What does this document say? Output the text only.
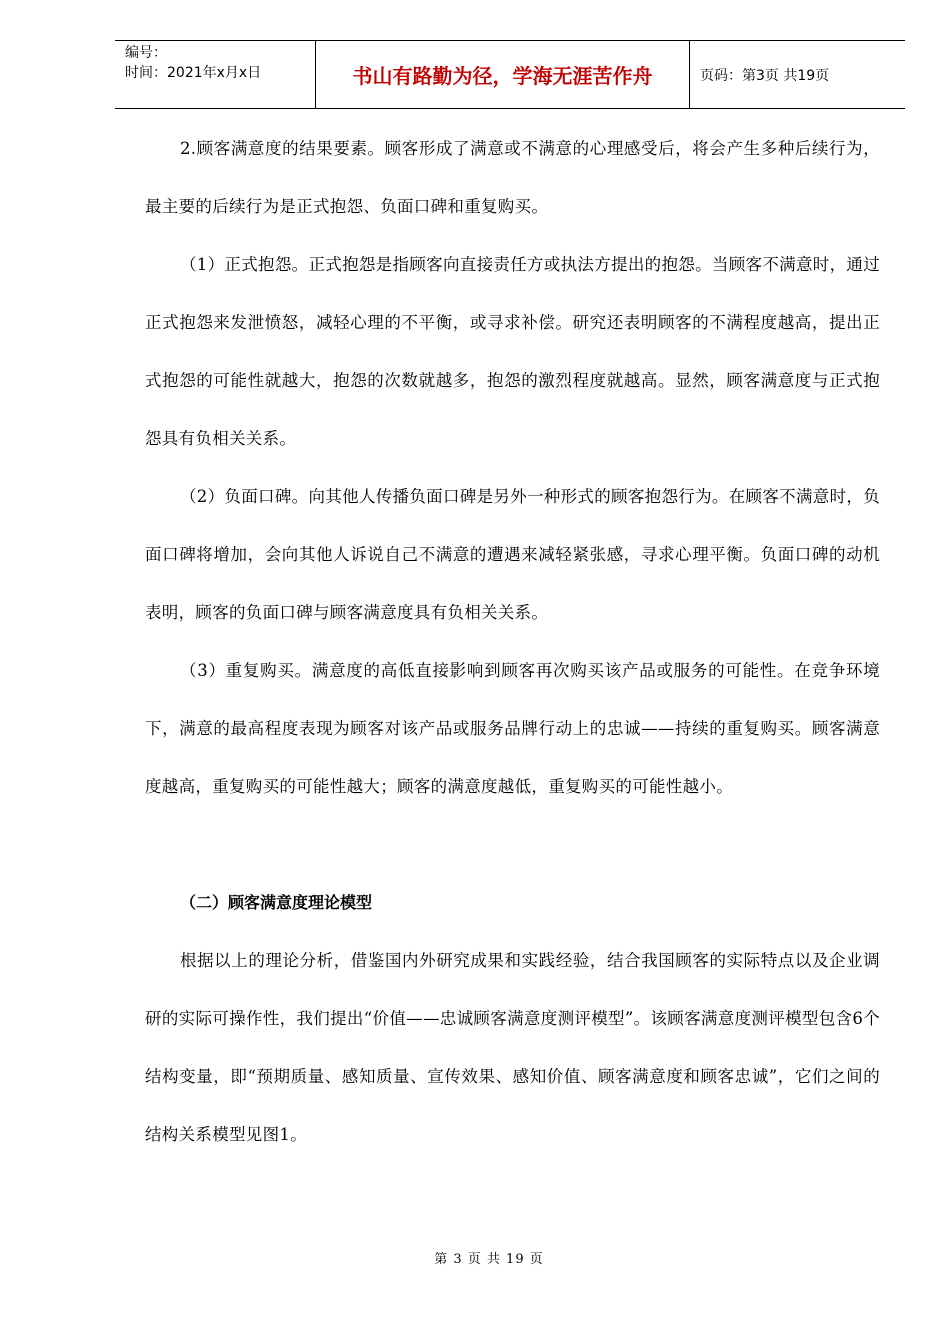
编号：
时间：2021年x月x日	书山有路勤为径，学海无涯苦作舟	页码：第3页 共19页

2.顾客满意度的结果要素。顾客形成了满意或不满意的心理感受后，将会产生多种后续行为，最主要的后续行为是正式抱怨、负面口碑和重复购买。

（1）正式抱怨。正式抱怨是指顾客向直接责任方或执法方提出的抱怨。当顾客不满意时，通过正式抱怨来发泄愤怒，减轻心理的不平衡，或寻求补偿。研究还表明顾客的不满程度越高，提出正式抱怨的可能性就越大，抱怨的次数就越多，抱怨的激烈程度就越高。显然，顾客满意度与正式抱怨具有负相关关系。

（2）负面口碑。向其他人传播负面口碑是另外一种形式的顾客抱怨行为。在顾客不满意时，负面口碑将增加，会向其他人诉说自己不满意的遭遇来减轻紧张感，寻求心理平衡。负面口碑的动机表明，顾客的负面口碑与顾客满意度具有负相关关系。

（3）重复购买。满意度的高低直接影响到顾客再次购买该产品或服务的可能性。在竞争环境下，满意的最高程度表现为顾客对该产品或服务品牌行动上的忠诚——持续的重复购买。顾客满意度越高，重复购买的可能性越大；顾客的满意度越低，重复购买的可能性越小。

（二）顾客满意度理论模型

根据以上的理论分析，借鉴国内外研究成果和实践经验，结合我国顾客的实际特点以及企业调研的实际可操作性，我们提出“价值——忠诚顾客满意度测评模型”。该顾客满意度测评模型包含6个结构变量，即“预期质量、感知质量、宣传效果、感知价值、顾客满意度和顾客忠诚”，它们之间的结构关系模型见图1。

第 3 页 共 19 页
